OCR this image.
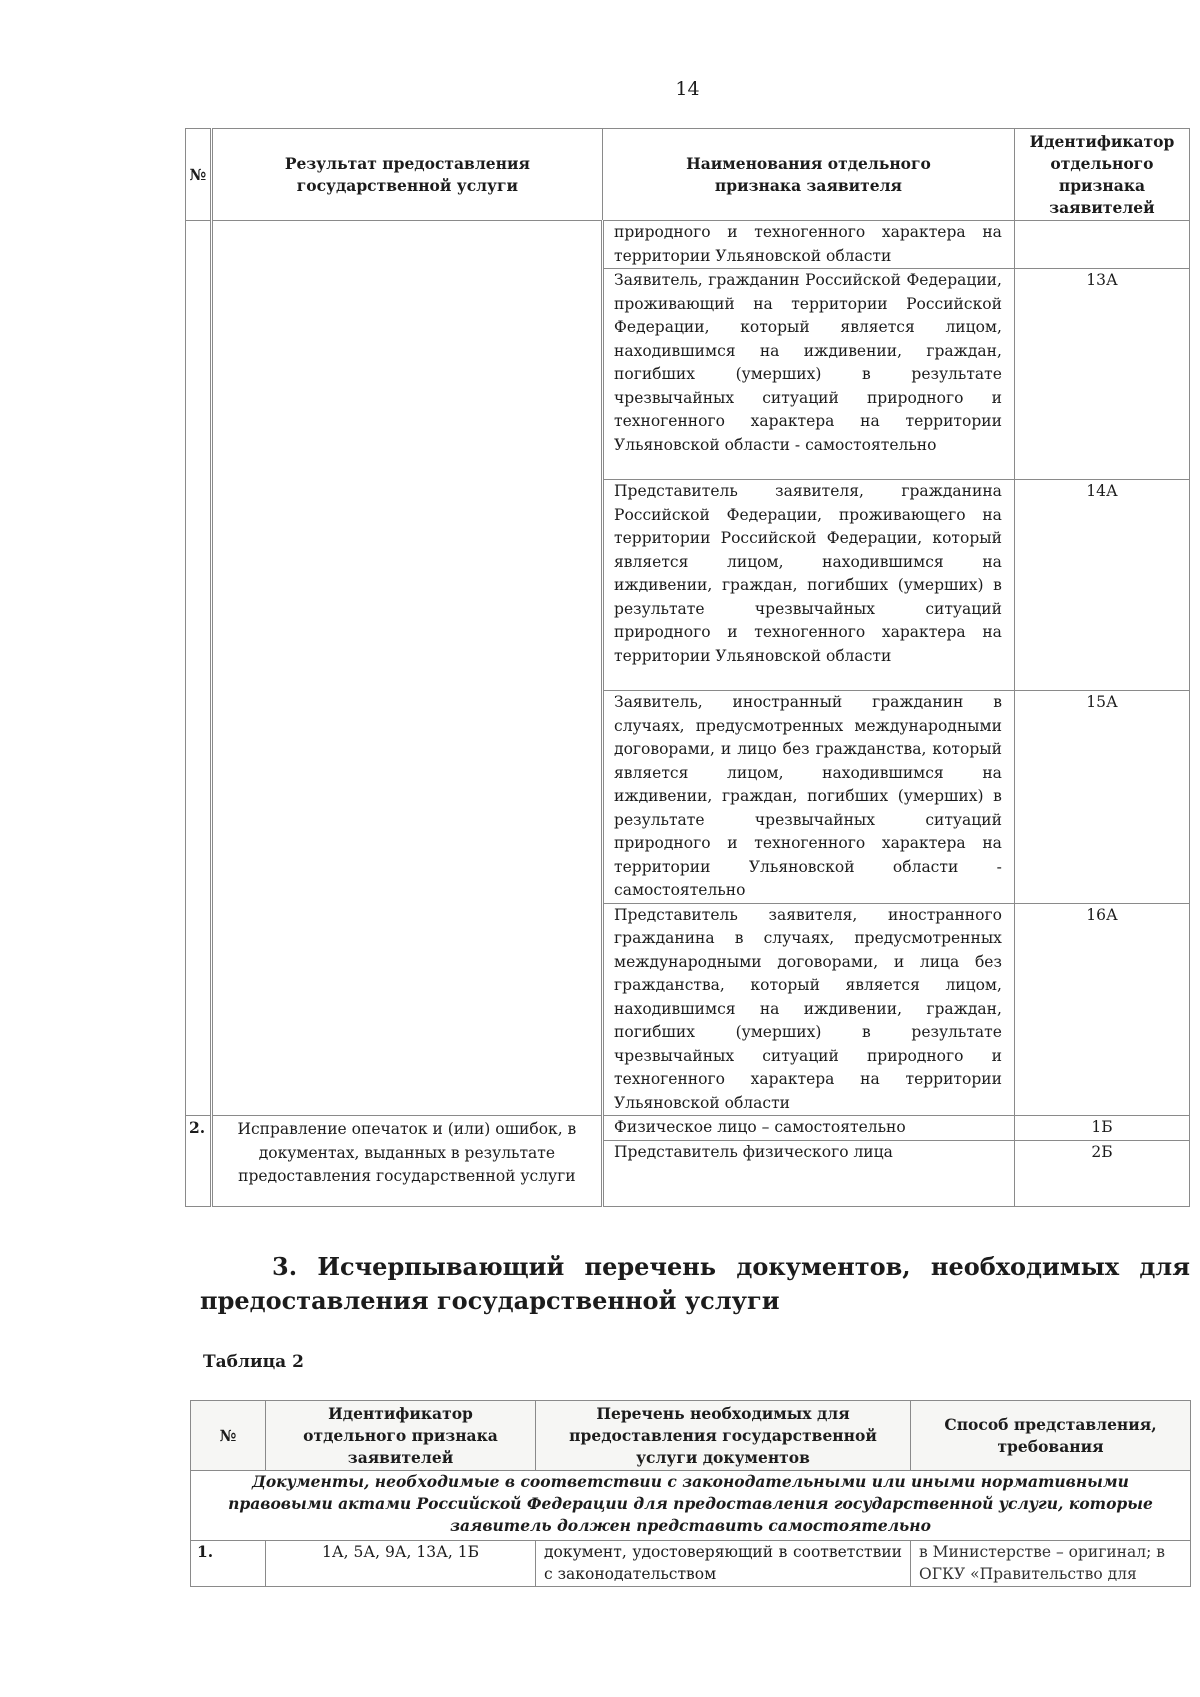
14
№	Результат предоставления государственной услуги	Наименования отдельного признака заявителя	Идентификатор отдельного признака заявителей
		природного и техногенного характера на территории Ульяновской области	
		Заявитель, гражданин Российской Федерации, проживающий на территории Российской Федерации, который является лицом, находившимся на иждивении, граждан, погибших (умерших) в результате чрезвычайных ситуаций природного и техногенного характера на территории Ульяновской области - самостоятельно	13А
		Представитель заявителя, гражданина Российской Федерации, проживающего на территории Российской Федерации, который является лицом, находившимся на иждивении, граждан, погибших (умерших) в результате чрезвычайных ситуаций природного и техногенного характера на территории Ульяновской области	14А
		Заявитель, иностранный гражданин в случаях, предусмотренных международными договорами, и лицо без гражданства, который является лицом, находившимся на иждивении, граждан, погибших (умерших) в результате чрезвычайных ситуаций природного и техногенного характера на территории Ульяновской области - самостоятельно	15А
		Представитель заявителя, иностранного гражданина в случаях, предусмотренных международными договорами, и лица без гражданства, который является лицом, находившимся на иждивении, граждан, погибших (умерших) в результате чрезвычайных ситуаций природного и техногенного характера на территории Ульяновской области	16А
2.	Исправление опечаток и (или) ошибок, в документах, выданных в результате предоставления государственной услуги	Физическое лицо – самостоятельно	1Б
		Представитель физического лица	2Б
3. Исчерпывающий перечень документов, необходимых для
предоставления государственной услуги
Таблица 2
№	Идентификатор отдельного признака заявителей	Перечень необходимых для предоставления государственной услуги документов	Способ представления, требования
Документы, необходимые в соответствии с законодательными или иными нормативными правовыми актами Российской Федерации для предоставления государственной услуги, которые заявитель должен представить самостоятельно			
1.	1А, 5А, 9А, 13А, 1Б	документ, удостоверяющий в соответствии с законодательством	в Министерстве – оригинал; в ОГКУ «Правительство для
